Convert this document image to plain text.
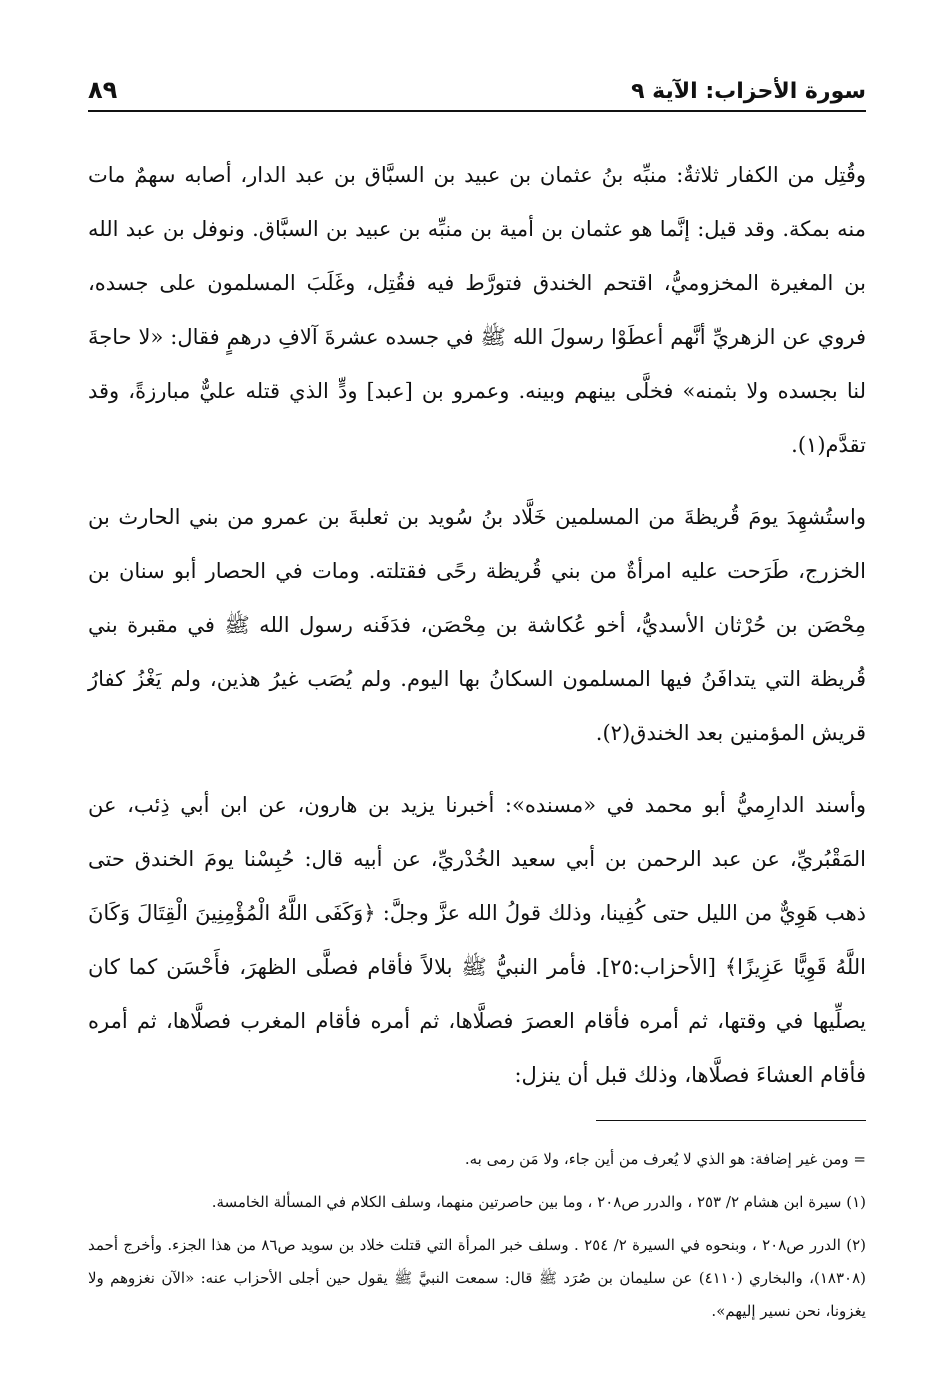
سورة الأحزاب: الآية ٩
٨٩

وقُتِل من الكفار ثلاثةٌ: منبِّه بنُ عثمان بن عبيد بن السبَّاق بن عبد الدار، أصابه سهمٌ مات منه بمكة. وقد قيل: إنَّما هو عثمان بن أمية بن منبِّه بن عبيد بن السبَّاق. ونوفل بن عبد الله بن المغيرة المخزوميُّ، اقتحم الخندق فتورَّط فيه فقُتِل، وغَلَبَ المسلمون على جسده، فروي عن الزهريِّ أنَّهم أعطَوْا رسولَ الله ﷺ في جسده عشرةَ آلافِ درهمٍ فقال: «لا حاجةَ لنا بجسده ولا بثمنه» فخلَّى بينهم وبينه. وعمرو بن [عبد] ودٍّ الذي قتله عليٌّ مبارزةً، وقد تقدَّم(١).

واستُشهِدَ يومَ قُريظةَ من المسلمين خَلَّاد بنُ سُويد بن ثعلبةَ بن عمرو من بني الحارث بن الخزرج، طَرَحت عليه امرأةٌ من بني قُريظة رحًى فقتلته. ومات في الحصار أبو سنان بن مِحْصَن بن حُرْثان الأسديُّ، أخو عُكاشة بن مِحْصَن، فدَفَنه رسول الله ﷺ في مقبرة بني قُريظة التي يتدافَنُ فيها المسلمون السكانُ بها اليوم. ولم يُصَب غيرُ هذين، ولم يَغْزُ كفارُ قريش المؤمنين بعد الخندق(٢).

وأسند الدارِميُّ أبو محمد في «مسنده»: أخبرنا يزيد بن هارون، عن ابن أبي ذِئب، عن المَقْبُريِّ، عن عبد الرحمن بن أبي سعيد الخُدْريِّ، عن أبيه قال: حُبِسْنا يومَ الخندق حتى ذهب هَوِيٌّ من الليل حتى كُفِينا، وذلك قولُ الله عزَّ وجلَّ: ﴿وَكَفَى اللَّهُ الْمُؤْمِنِينَ الْقِتَالَ وَكَانَ اللَّهُ قَوِيًّا عَزِيزًا﴾ [الأحزاب:٢٥]. فأمر النبيُّ ﷺ بلالاً فأقام فصلَّى الظهرَ، فأَحْسَن كما كان يصلِّيها في وقتها، ثم أمره فأقام العصرَ فصلَّاها، ثم أمره فأقام المغرب فصلَّاها، ثم أمره فأقام العشاءَ فصلَّاها، وذلك قبل أن ينزل:

= ومن غير إضافة: هو الذي لا يُعرف من أين جاء، ولا مَن رمى به.

(١) سيرة ابن هشام ٢/ ٢٥٣ ، والدرر ص٢٠٨ ، وما بين حاصرتين منهما، وسلف الكلام في المسألة الخامسة.

(٢) الدرر ص٢٠٨ ، وبنحوه في السيرة ٢/ ٢٥٤ . وسلف خبر المرأة التي قتلت خلاد بن سويد ص٨٦ من هذا الجزء. وأخرج أحمد (١٨٣٠٨)، والبخاري (٤١١٠) عن سليمان بن صُرَد ﷺ قال: سمعت النبيَّ ﷺ يقول حين أجلى الأحزاب عنه: «الآن نغزوهم ولا يغزونا، نحن نسير إليهم».
